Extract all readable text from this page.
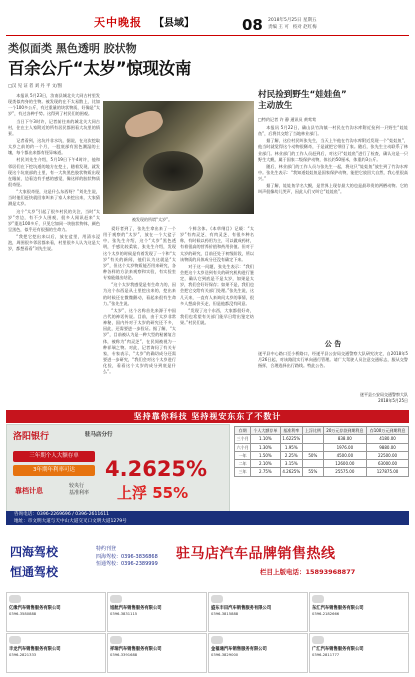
天中晚报 【县域】	08 2018年5月25日 星期五
责编 王 可 校对 赵红梅
类似面类 黑色透明 胶状物
百余公斤“太岁”惊现汝南
□汉 见 证 者 刘 丹 平 文/图

本报讯 5月23日，汝南县城北关大同古村里发现类似肉身的生物。被发现的在不太易散上，比如一个100多公斤，有过重量的块状物质，好像是“太岁”，有过各种手势。这得到了村民们的围观。

当日下午3时许，记者前往来的城北关大同古村，住在主人家附近的所有居民都围看大坑里的情景。

记者看到，这坑并非水坑，据说，在这次挖取太岁之前的约一个月，一股底部有黑色潮湿的土壤，每个都出来都有怪异味道。

村民刘先生介绍，5月19日下午4时许，他和邻居们在下挖坑道的地方在挖土，随着发现，就发现这个坑底部的土里，有一大块黑色胶状物质出现在眼前，边看边有手感的感觉，像这样的胶状物质很奇怪。

“大家很奇怪，这是什么东西呀？”刘先生说，当时他们赶快就回家叫来了家人来挖出来，大家猜测是太岁。

这个“太岁”引起了很多村民的关注，当时“太岁”旁边，有不少人围观，很多人闻讯赶来“太岁”重达100多斤，只见它如同一块胶状物体，颜色呈黑色，似乎还有很强的生命力。

“我把它挖出来以后，放在盆里，用清水浸泡，周围很多邻居都来看，村里很多人认为这是大岁，都想看看”刘先生说。

被发现的所谓“太岁”。

爱好者到了，张先生拿出来了一个用于观察的“太岁”，放在一个大盆子中，张先生介绍，这个“太岁”黑色透明，手感比较柔软，张先生介绍，发现这个太岁的时候是有着发现了一个和“太岁”有关的新闻，他们认为这就是“太岁”，但这个太岁物质能否用来研究，各种各样的方法来观察和实验，有实验室专家能做出结论。

“这个太岁我感觉是有生命力的，因为这个东西是从土里挖出来的，挖出来的时候还在微微颤动，看起来很有生命力。”张先生说。

“太岁”，这个名称首先来源于中国古代的神话传说。目前，由于太岁非常神秘，国内外对于太岁的研究还不多，因此，还需要进一步验证。据了解，“太岁”，目前被认为是一种大型的粘菌复合体，被称为“肉灵芝”，在民间被视为一种祥瑞之物。对此，记者询问了有关专家，专家表示，“太岁”的确切成分还需要进一步研究，“我们会对这个太岁进行化验，看看这个太岁的成分到底是什么”。

个鲜含体。《本草纲目》记载：“太岁”有肉灵芝、有肉灵芝、有很多种名称，有时候以药用为主，可以做成药材，有着很高的营养价值和药用价值。但对于太岁的研究，目前还处于初级阶段，所以该物质的具体成分还没有确定下来。

对于这一问题，张先生表示：“我们会把这个太岁送到有关的研究机构进行鉴定，确认它到底是不是太岁，如果是太岁，我们会好好保存；如果不是，我们也会把它交给有关部门处理。”张先生说，这几天来，一直有人来询问太岁的事情，很多人想高价买走，但是他都没有同意。

“发现了这个东西，大家都很好奇，我们也希望有关部门能早日给出鉴定结果。”村民们说。

村民捡到野生“娃娃鱼”
主动放生
□特约记者 许 静 通讯员 黄莺莺

本报讯 5月22日，确山县竹沟镇一村民在竹沟水库附近捡到一只野生“娃娃鱼”，后将其交给了当地林业部门。

据了解，这位村民叫张先生，当天上午他在竹沟水库附近发现一个“娃娃鱼”，他当时就觉得这个动物很稀奇，于是就把它带回了家。随后，张先生主动联系了林业部门。林业部门的工作人员赶到后，对这只“娃娃鱼”进行了检查，确认这是一只野生大鲵，属于国家二级保护动物，体长约50厘米，体重约3公斤。

随后，林业部门的工作人员与张先生一起，将这只“娃娃鱼”放生到了竹沟水库中。张先生表示：“我知道娃娃鱼是国家保护动物，能把它放回大自然，我心里很高兴。”

据了解，娃娃鱼学名大鲵，是世界上现存最大的也是最珍贵的两栖动物。它的叫声很像幼儿哭声，因此人们又叫它“娃娃鱼”。

公 告
遂平县中心路口至小桥路口，经遂平县公安局交通警察大队研究决定，自2018年5月26日起，对该路段实行单向通行管理。请广大驾驶人员注意交通标志，服从交警指挥，合理选择出行路线。特此公告。
遂平县公安局交通警察大队
2018年5月25日
坚持靠你科技 坚持视安东东了不数计
洛阳银行	驻马店分行
三年期个人大额存单
3年期年利率可达	4.2625%
靠档计息
较央行
基准利率 上浮 55%
存期	个人大额存单	基准利率	上浮比例	20万元存款到期利息	存100万元到期利息
三个月	1.10%	1.6225%		838.00	4180.00
六个月	1.30%	1.95%		1976.00	9880.00
一年	1.50%	2.25%	50%	4500.00	22500.00
二年	2.10%	3.15%		12600.00	63000.00
三年	2.75%	4.2625%	55%	25575.00	127875.00
咨询电话：0396-2269696 / 0396-2611611
地址：市文明大道与天中山大道交叉口文明大道1279号
四海驾校
恒通驾校
特约刊登
四海驾校：0396-3836868
恒通驾校：0396-2389999
驻马店汽车品牌销售热线
栏目上版电话：15893968877
亿缘汽车销售服务有限公司
0396-3580888
旭航汽车销售服务有限公司
0396-3831115
盛东丰田汽车销售服务有限公司
0396-3815888
东汇汽车销售服务有限公司
0396-2182666
丰龙汽车销售服务有限公司
0396-2821333
祥瑞汽车销售服务有限公司
0396-3391688
金福通汽车销售服务有限公司
0396-3829000
广汇汽车销售服务有限公司
0396-2811777
